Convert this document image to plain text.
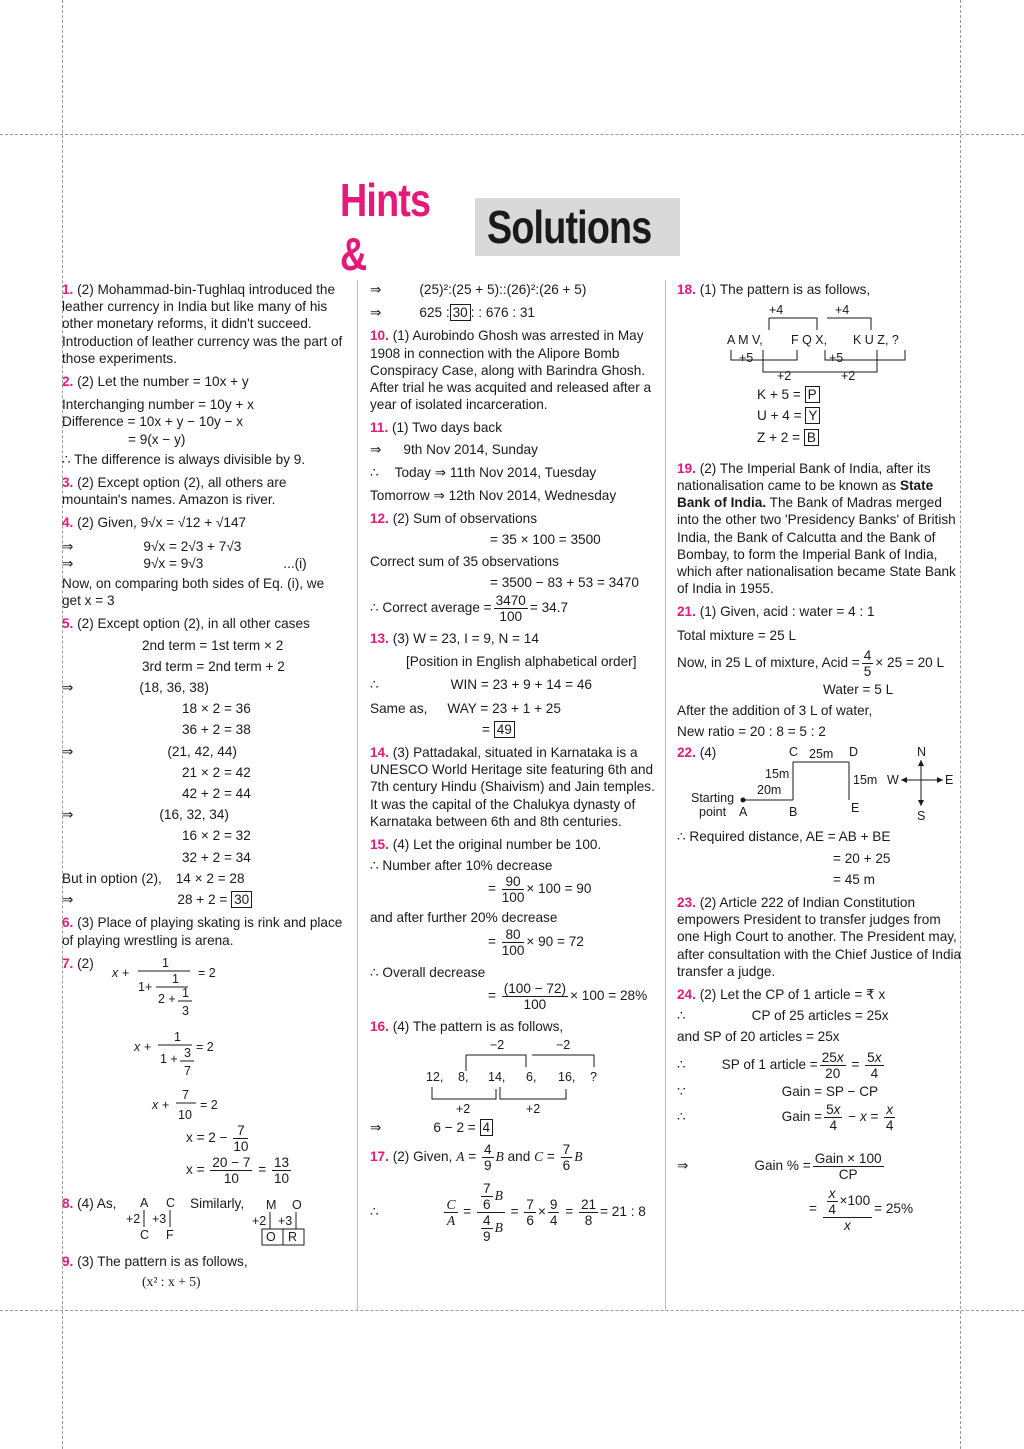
Hints &
Solutions
1. (2) Mohammad-bin-Tughlaq introduced the leather currency in India but like many of his other monetary reforms, it didn't succeed. Introduction of leather currency was the part of those experiments.
2. (2) Let the number = 10x + y
Interchanging number = 10y + x
Difference = 10x + y − 10y − x
= 9(x − y)
∴ The difference is always divisible by 9.
3. (2) Except option (2), all others are mountain's names. Amazon is river.
4. (2) Given, 9√x = √12 + √147
⇒	9√x = 2√3 + 7√3
⇒	9√x = 9√3	...(i)
Now, on comparing both sides of Eq. (i), we get x = 3
5. (2) Except option (2), in all other cases
2nd term = 1st term × 2
3rd term = 2nd term + 2
⇒	(18, 36, 38)
18 × 2 = 36
36 + 2 = 38
⇒	(21, 42, 44)
21 × 2 = 42
42 + 2 = 44
⇒	(16, 32, 34)
16 × 2 = 32
32 + 2 = 34
But in option (2), 14 × 2 = 28
⇒	28 + 2 = 30
6. (3) Place of playing skating is rink and place of playing wrestling is arena.
7. (2)
x +
1
1+
1
2 + 1
3
= 2
x +
1
1 + 3
7
= 2
x +
7
10
= 2
$x = 2 - \frac{7}{10}$
$x = \frac{20 - 7}{10} = \frac{13}{10}$
8. (4) As,	Similarly,
A C
+2 +3
C F
M O
+2 +3
O R
9. (3) The pattern is as follows,
(x² : x + 5)
⇒	(25)²:(25 + 5)::(26)²:(26 + 5)
⇒	625 : 30 : : 676 : 31
10. (1) Aurobindo Ghosh was arrested in May 1908 in connection with the Alipore Bomb Conspiracy Case, along with Barindra Ghosh. After trial he was acquited and released after a year of isolated incarceration.
11. (1) Two days back
⇒ 9th Nov 2014, Sunday
∴ Today ⇒ 11th Nov 2014, Tuesday
Tomorrow ⇒ 12th Nov 2014, Wednesday
12. (2) Sum of observations
= 35 × 100 = 3500
Correct sum of 35 observations
= 3500 − 83 + 53 = 3470
∴ Correct average = $\frac{3470}{100} = 34.7$
13. (3) W = 23, I = 9, N = 14
[Position in English alphabetical order]
∴	WIN = 23 + 9 + 14 = 46
Same as, WAY = 23 + 1 + 25
= 49
14. (3) Pattadakal, situated in Karnataka is a UNESCO World Heritage site featuring 6th and 7th century Hindu (Shaivism) and Jain temples. It was the capital of the Chalukya dynasty of Karnataka between 6th and 8th centuries.
15. (4) Let the original number be 100.
∴ Number after 10% decrease
= $\frac{90}{100} \times 100 = 90$
and after further 20% decrease
= $\frac{80}{100} \times 90 = 72$
∴ Overall decrease
= $\frac{(100 - 72)}{100} \times 100 = 28\%$
16. (4) The pattern is as follows,
−2	−2
12, 8, 14, 6, 16, ?
+2	+2
⇒	6 − 2 = 4
17. (2) Given, $A = \frac{4}{9}$ B and $C = \frac{7}{6}$ B
∴	$\frac{C}{A} = \frac{\frac{7}{6} B}{\frac{4}{9} B} = \frac{7}{6} \times \frac{9}{4} = \frac{21}{8} = 21$ : 8
18. (1) The pattern is as follows,
+4	+4
A M V, F Q X, K U Z, ?
+5
+2
+5
+2
K + 5 = P
U + 4 = Y
Z + 2 = B
19. (2) The Imperial Bank of India, after its nationalisation came to be known as State Bank of India. The Bank of Madras merged into the other two 'Presidency Banks' of British India, the Bank of Calcutta and the Bank of Bombay, to form the Imperial Bank of India, which after nationalisation became State Bank of India in 1955.
21. (1) Given, acid : water = 4 : 1
Total mixture = 25 L
Now, in 25 L of mixture, Acid = $\frac{4}{5} \times 25 = 20$ L
Water = 5 L
After the addition of 3 L of water,
New ratio = 20 : 8 = 5 : 2
22. (4)	C 25m D
15m	15m
20m
Starting
point A	B	E
N
W	E
S
∴ Required distance, AE = AB + BE
= 20 + 25
= 45 m
23. (2) Article 222 of Indian Constitution empowers President to transfer judges from one High Court to another. The President may, after consultation with the Chief Justice of India transfer a judge.
24. (2) Let the CP of 1 article = ₹ x
∴	CP of 25 articles = 25x
and SP of 20 articles = 25x
∴	SP of 1 article = $\frac{25x}{20} = \frac{5x}{4}$
∵	Gain = SP − CP
∴	Gain = $\frac{5x}{4} - x = \frac{x}{4}$
⇒	Gain % = $\frac{\text{Gain × 100}}{CP}$
= $\frac{\frac{x}{4} \times 100}{x} = 25\%$
